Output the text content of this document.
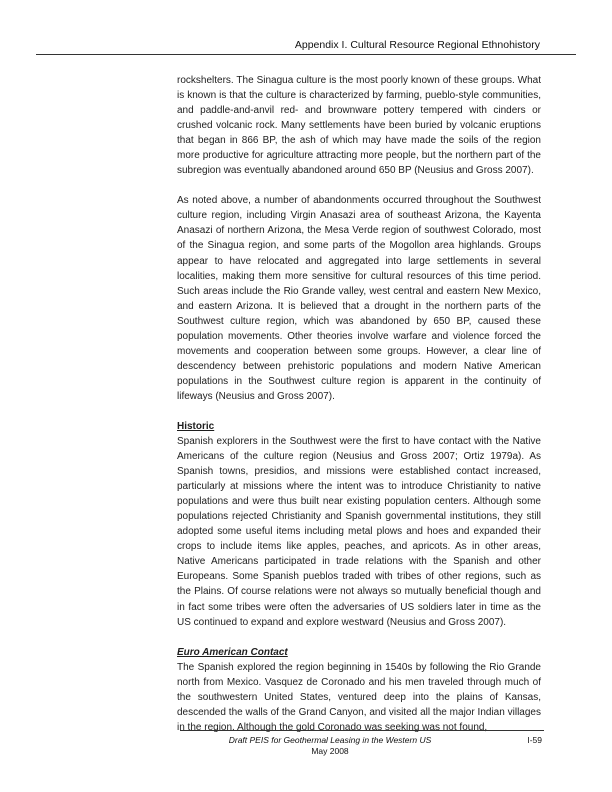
Appendix I. Cultural Resource Regional Ethnohistory

rockshelters. The Sinagua culture is the most poorly known of these groups. What is known is that the culture is characterized by farming, pueblo-style communities, and paddle-and-anvil red- and brownware pottery tempered with cinders or crushed volcanic rock. Many settlements have been buried by volcanic eruptions that began in 866 BP, the ash of which may have made the soils of the region more productive for agriculture attracting more people, but the northern part of the subregion was eventually abandoned around 650 BP (Neusius and Gross 2007).

As noted above, a number of abandonments occurred throughout the Southwest culture region, including Virgin Anasazi area of southeast Arizona, the Kayenta Anasazi of northern Arizona, the Mesa Verde region of southwest Colorado, most of the Sinagua region, and some parts of the Mogollon area highlands. Groups appear to have relocated and aggregated into large settlements in several localities, making them more sensitive for cultural resources of this time period. Such areas include the Rio Grande valley, west central and eastern New Mexico, and eastern Arizona. It is believed that a drought in the northern parts of the Southwest culture region, which was abandoned by 650 BP, caused these population movements. Other theories involve warfare and violence forced the movements and cooperation between some groups. However, a clear line of descendency between prehistoric populations and modern Native American populations in the Southwest culture region is apparent in the continuity of lifeways (Neusius and Gross 2007).

Historic

Spanish explorers in the Southwest were the first to have contact with the Native Americans of the culture region (Neusius and Gross 2007; Ortiz 1979a). As Spanish towns, presidios, and missions were established contact increased, particularly at missions where the intent was to introduce Christianity to native populations and were thus built near existing population centers. Although some populations rejected Christianity and Spanish governmental institutions, they still adopted some useful items including metal plows and hoes and expanded their crops to include items like apples, peaches, and apricots. As in other areas, Native Americans participated in trade relations with the Spanish and other Europeans. Some Spanish pueblos traded with tribes of other regions, such as the Plains. Of course relations were not always so mutually beneficial though and in fact some tribes were often the adversaries of US soldiers later in time as the US continued to expand and explore westward (Neusius and Gross 2007).

Euro American Contact

The Spanish explored the region beginning in 1540s by following the Rio Grande north from Mexico. Vasquez de Coronado and his men traveled through much of the southwestern United States, ventured deep into the plains of Kansas, descended the walls of the Grand Canyon, and visited all the major Indian villages in the region. Although the gold Coronado was seeking was not found,

Draft PEIS for Geothermal Leasing in the Western US	I-59
May 2008
